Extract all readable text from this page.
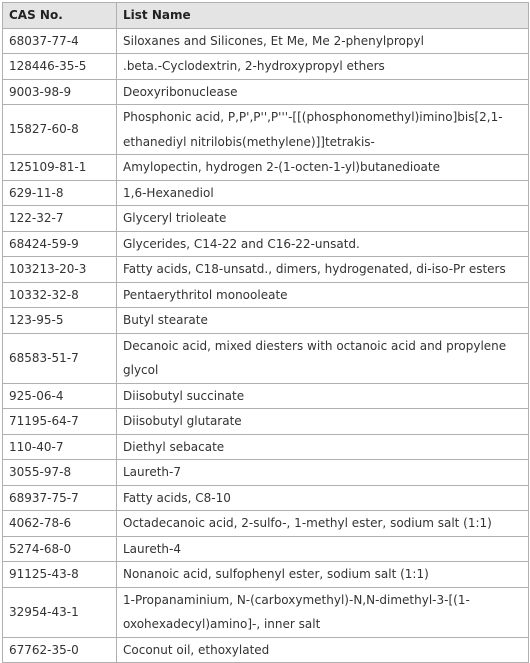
CAS No.	List Name
68037-77-4	Siloxanes and Silicones, Et Me, Me 2-phenylpropyl
128446-35-5	.beta.-Cyclodextrin, 2-hydroxypropyl ethers
9003-98-9	Deoxyribonuclease
15827-60-8	Phosphonic acid, P,P',P'',P'''-[[(phosphonomethyl)imino]bis[2,1-ethanediyl nitrilobis(methylene)]]tetrakis-
125109-81-1	Amylopectin, hydrogen 2-(1-octen-1-yl)butanedioate
629-11-8	1,6-Hexanediol
122-32-7	Glyceryl trioleate
68424-59-9	Glycerides, C14-22 and C16-22-unsatd.
103213-20-3	Fatty acids, C18-unsatd., dimers, hydrogenated, di-iso-Pr esters
10332-32-8	Pentaerythritol monooleate
123-95-5	Butyl stearate
68583-51-7	Decanoic acid, mixed diesters with octanoic acid and propylene glycol
925-06-4	Diisobutyl succinate
71195-64-7	Diisobutyl glutarate
110-40-7	Diethyl sebacate
3055-97-8	Laureth-7
68937-75-7	Fatty acids, C8-10
4062-78-6	Octadecanoic acid, 2-sulfo-, 1-methyl ester, sodium salt (1:1)
5274-68-0	Laureth-4
91125-43-8	Nonanoic acid, sulfophenyl ester, sodium salt (1:1)
32954-43-1	1-Propanaminium, N-(carboxymethyl)-N,N-dimethyl-3-[(1-oxohexadecyl)amino]-, inner salt
67762-35-0	Coconut oil, ethoxylated
